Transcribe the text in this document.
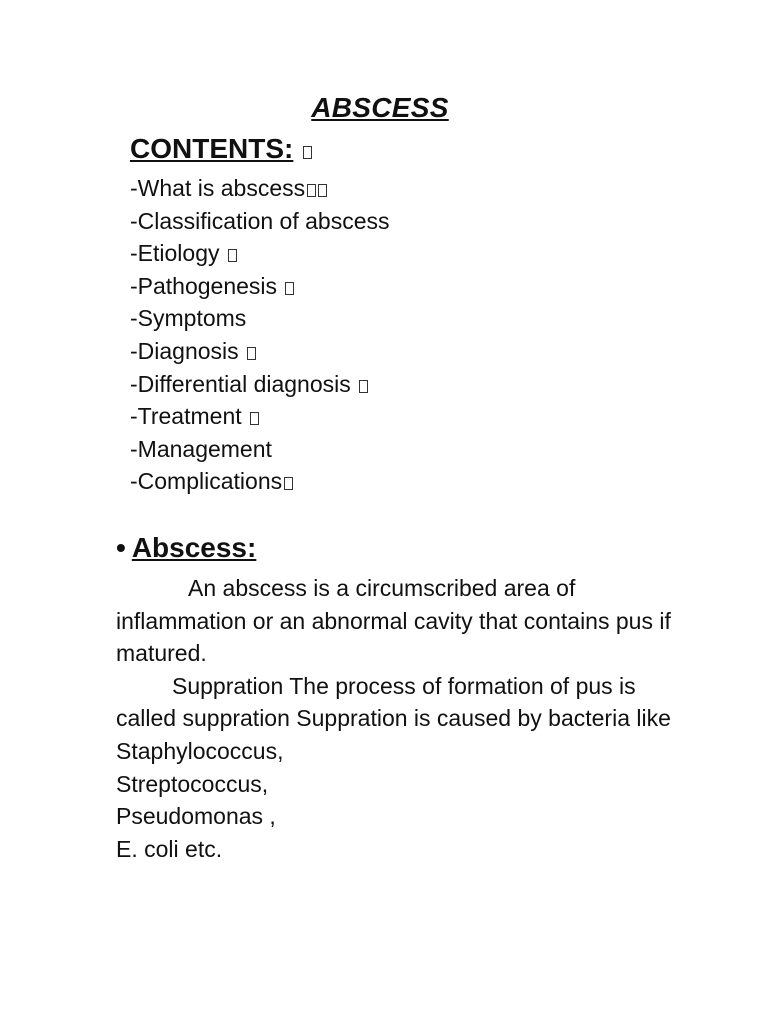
ABSCESS
CONTENTS:
-What is abscess
-Classification of abscess
-Etiology
-Pathogenesis
-Symptoms
-Diagnosis
-Differential diagnosis
-Treatment
-Management
-Complications
• Abscess:

An abscess is a circumscribed area of inflammation or an abnormal cavity that contains pus if matured.

Suppration The process of formation of pus is called suppration Suppration is caused by bacteria like

Staphylococcus,
Streptococcus,
Pseudomonas ,
E. coli etc.
